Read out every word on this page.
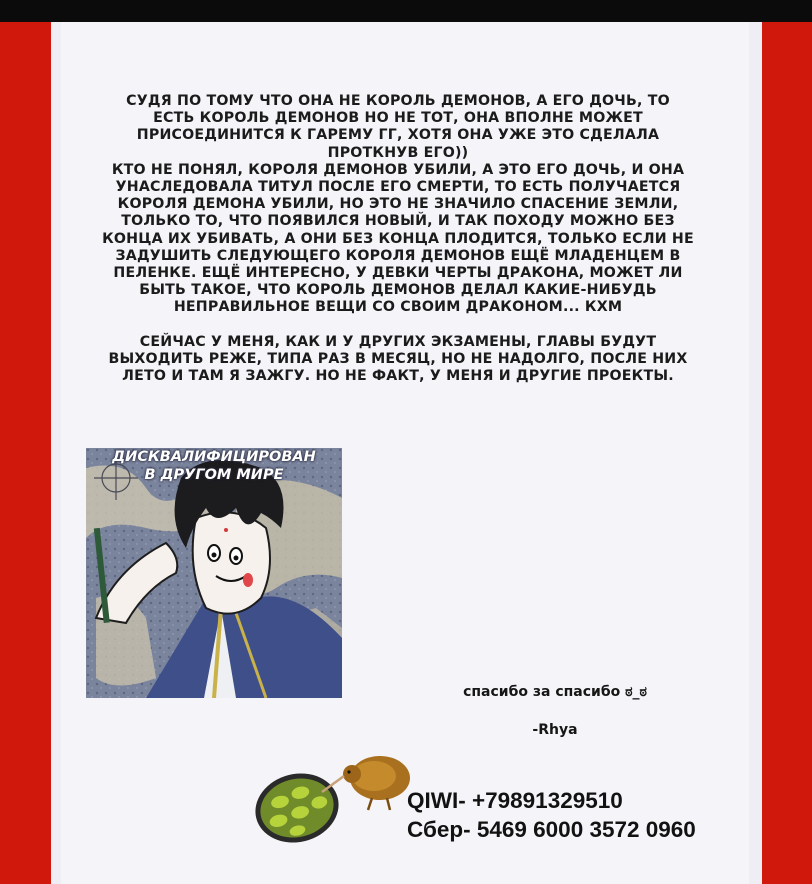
СУДЯ ПО ТОМУ ЧТО ОНА НЕ КОРОЛЬ ДЕМОНОВ, А ЕГО ДОЧЬ, ТО

ЕСТЬ КОРОЛЬ ДЕМОНОВ НО НЕ ТОТ, ОНА ВПОЛНЕ МОЖЕТ

ПРИСОЕДИНИТСЯ К ГАРЕМУ ГГ, ХОТЯ ОНА УЖЕ ЭТО СДЕЛАЛА

ПРОТКНУВ ЕГО))

КТО НЕ ПОНЯЛ, КОРОЛЯ ДЕМОНОВ УБИЛИ, А ЭТО ЕГО ДОЧЬ, И ОНА

УНАСЛЕДОВАЛА ТИТУЛ ПОСЛЕ ЕГО СМЕРТИ, ТО ЕСТЬ ПОЛУЧАЕТСЯ

КОРОЛЯ ДЕМОНА УБИЛИ, НО ЭТО НЕ ЗНАЧИЛО СПАСЕНИЕ ЗЕМЛИ,

ТОЛЬКО ТО, ЧТО ПОЯВИЛСЯ НОВЫЙ, И ТАК ПОХОДУ МОЖНО БЕЗ

КОНЦА ИХ УБИВАТЬ, А ОНИ БЕЗ КОНЦА ПЛОДИТСЯ, ТОЛЬКО ЕСЛИ НЕ

ЗАДУШИТЬ СЛЕДУЮЩЕГО КОРОЛЯ ДЕМОНОВ ЕЩЁ МЛАДЕНЦЕМ В

ПЕЛЕНКЕ. ЕЩЁ ИНТЕРЕСНО, У ДЕВКИ ЧЕРТЫ ДРАКОНА, МОЖЕТ ЛИ

БЫТЬ ТАКОЕ, ЧТО КОРОЛЬ ДЕМОНОВ ДЕЛАЛ КАКИЕ-НИБУДЬ

НЕПРАВИЛЬНОЕ ВЕЩИ СО СВОИМ ДРАКОНОМ... КХМ

СЕЙЧАС У МЕНЯ, КАК И У ДРУГИХ ЭКЗАМЕНЫ, ГЛАВЫ БУДУТ

ВЫХОДИТЬ РЕЖЕ, ТИПА РАЗ В МЕСЯЦ, НО НЕ НАДОЛГО, ПОСЛЕ НИХ

ЛЕТО И ТАМ Я ЗАЖГУ. НО НЕ ФАКТ, У МЕНЯ И ДРУГИЕ ПРОЕКТЫ.

ДИСКВАЛИФИЦИРОВАН
В ДРУГОМ МИРЕ
спасибо за спасибо ಠ_ಠ
-Rhya
QIWI- +79891329510
Сбер- 5469 6000 3572 0960
